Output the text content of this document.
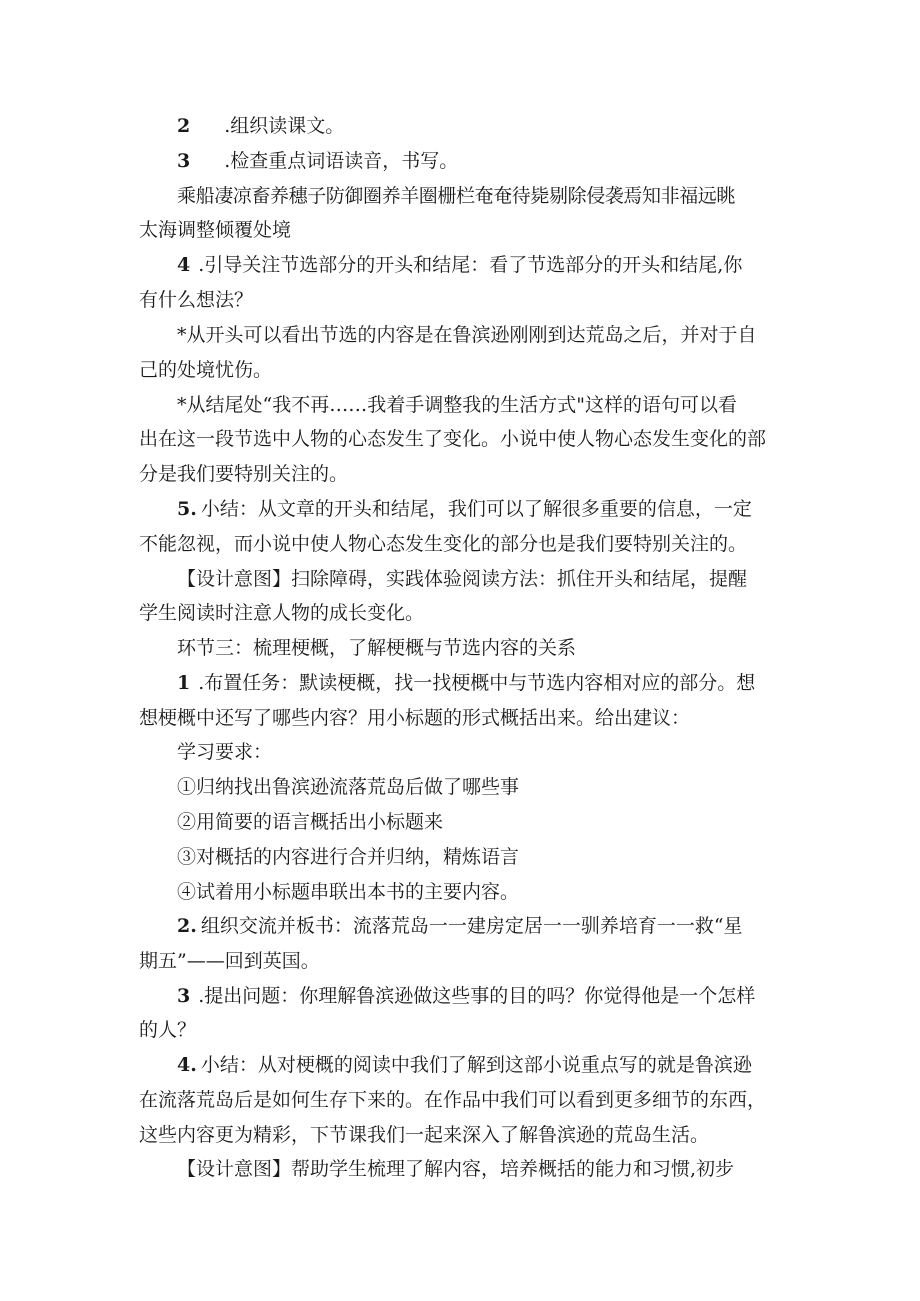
2 .组织读课文。
3 .检查重点词语读音，书写。
乘船凄凉畜养穗子防御圈养羊圈栅栏奄奄待毙剔除侵袭焉知非福远眺
太海调整倾覆处境
4 .引导关注节选部分的开头和结尾：看了节选部分的开头和结尾,你
有什么想法？
*从开头可以看出节选的内容是在鲁滨逊刚刚到达荒岛之后，并对于自
己的处境忧伤。
*从结尾处“我不再……我着手调整我的生活方式"这样的语句可以看
出在这一段节选中人物的心态发生了变化。小说中使人物心态发生变化的部
分是我们要特别关注的。
5. 小结：从文章的开头和结尾，我们可以了解很多重要的信息，一定
不能忽视，而小说中使人物心态发生变化的部分也是我们要特别关注的。
【设计意图】扫除障碍，实践体验阅读方法：抓住开头和结尾，提醒
学生阅读时注意人物的成长变化。
环节三：梳理梗概，了解梗概与节选内容的关系
1 .布置任务：默读梗概，找一找梗概中与节选内容相对应的部分。想
想梗概中还写了哪些内容？用小标题的形式概括出来。给出建议：
学习要求：
①归纳找出鲁滨逊流落荒岛后做了哪些事
②用简要的语言概括出小标题来
③对概括的内容进行合并归纳，精炼语言
④试着用小标题串联出本书的主要内容。
2. 组织交流并板书：流落荒岛一一建房定居一一驯养培育一一救“星
期五”——回到英国。
3 .提出问题：你理解鲁滨逊做这些事的目的吗？你觉得他是一个怎样
的人？
4. 小结：从对梗概的阅读中我们了解到这部小说重点写的就是鲁滨逊
在流落荒岛后是如何生存下来的。在作品中我们可以看到更多细节的东西，
这些内容更为精彩，下节课我们一起来深入了解鲁滨逊的荒岛生活。
【设计意图】帮助学生梳理了解内容，培养概括的能力和习惯,初步
